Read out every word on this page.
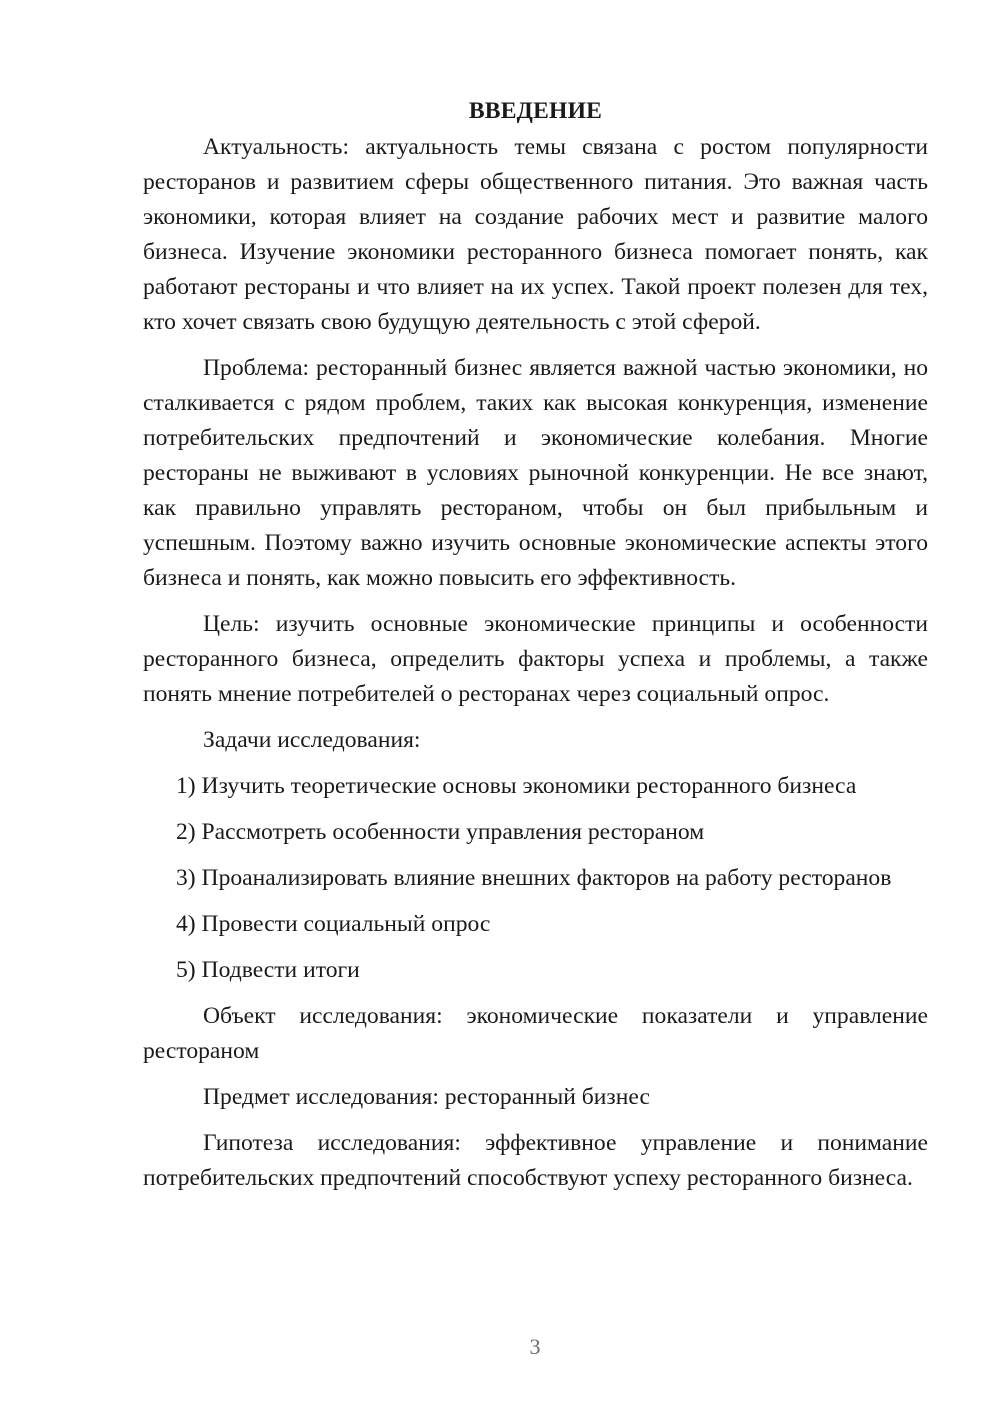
ВВЕДЕНИЕ

Актуальность: актуальность темы связана с ростом популярности ресторанов и развитием сферы общественного питания. Это важная часть экономики, которая влияет на создание рабочих мест и развитие малого бизнеса. Изучение экономики ресторанного бизнеса помогает понять, как работают рестораны и что влияет на их успех. Такой проект полезен для тех, кто хочет связать свою будущую деятельность с этой сферой.

Проблема: ресторанный бизнес является важной частью экономики, но сталкивается с рядом проблем, таких как высокая конкуренция, изменение потребительских предпочтений и экономические колебания. Многие рестораны не выживают в условиях рыночной конкуренции. Не все знают, как правильно управлять рестораном, чтобы он был прибыльным и успешным. Поэтому важно изучить основные экономические аспекты этого бизнеса и понять, как можно повысить его эффективность.

Цель: изучить основные экономические принципы и особенности ресторанного бизнеса, определить факторы успеха и проблемы, а также понять мнение потребителей о ресторанах через социальный опрос.

Задачи исследования:

1) Изучить теоретические основы экономики ресторанного бизнеса

2) Рассмотреть особенности управления рестораном

3) Проанализировать влияние внешних факторов на работу ресторанов

4) Провести социальный опрос

5) Подвести итоги

Объект исследования: экономические показатели и управление рестораном

Предмет исследования: ресторанный бизнес

Гипотеза исследования: эффективное управление и понимание потребительских предпочтений способствуют успеху ресторанного бизнеса.

3
